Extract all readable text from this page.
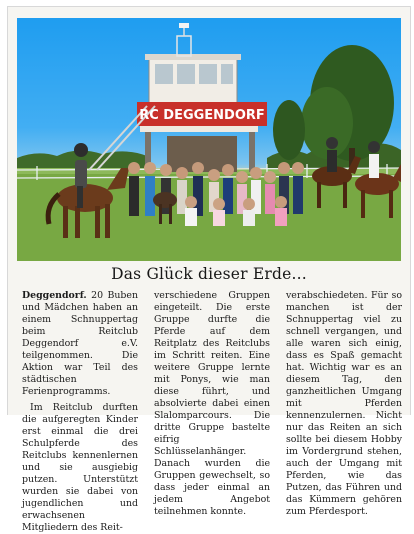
RC DEGGENDORF
Das Glück dieser Erde...

Deggendorf. 20 Buben und Mädchen haben an einem Schnuppertag beim Reitclub Deggendorf e.V. teilgenommen. Die Aktion war Teil des städtischen Ferienprogramms.

Im Reitclub durften die aufgeregten Kinder erst einmal die drei Schulpferde des Reitclubs kennenlernen und sie ausgiebig putzen. Unterstützt wurden sie dabei von jugendlichen und erwachsenen Mitgliedern des Reit-

verschiedene Gruppen eingeteilt. Die erste Gruppe durfte die Pferde auf dem Reitplatz des Reitclubs im Schritt reiten. Eine weitere Gruppe lernte mit Ponys, wie man diese führt, und absolvierte dabei einen Slalomparcours. Die dritte Gruppe bastelte eifrig Schlüsselanhänger. Danach wurden die Gruppen gewechselt, so dass jeder einmal an jedem Angebot teilnehmen konnte.

verabschiedeten. Für so manchen ist der Schnuppertag viel zu schnell vergangen, und alle waren sich einig, dass es Spaß gemacht hat. Wichtig war es an diesem Tag, den ganzheitlichen Umgang mit Pferden kennenzulernen. Nicht nur das Reiten an sich sollte bei diesem Hobby im Vordergrund stehen, auch der Umgang mit Pferden, wie das Putzen, das Führen und das Kümmern gehören zum Pferdesport.
